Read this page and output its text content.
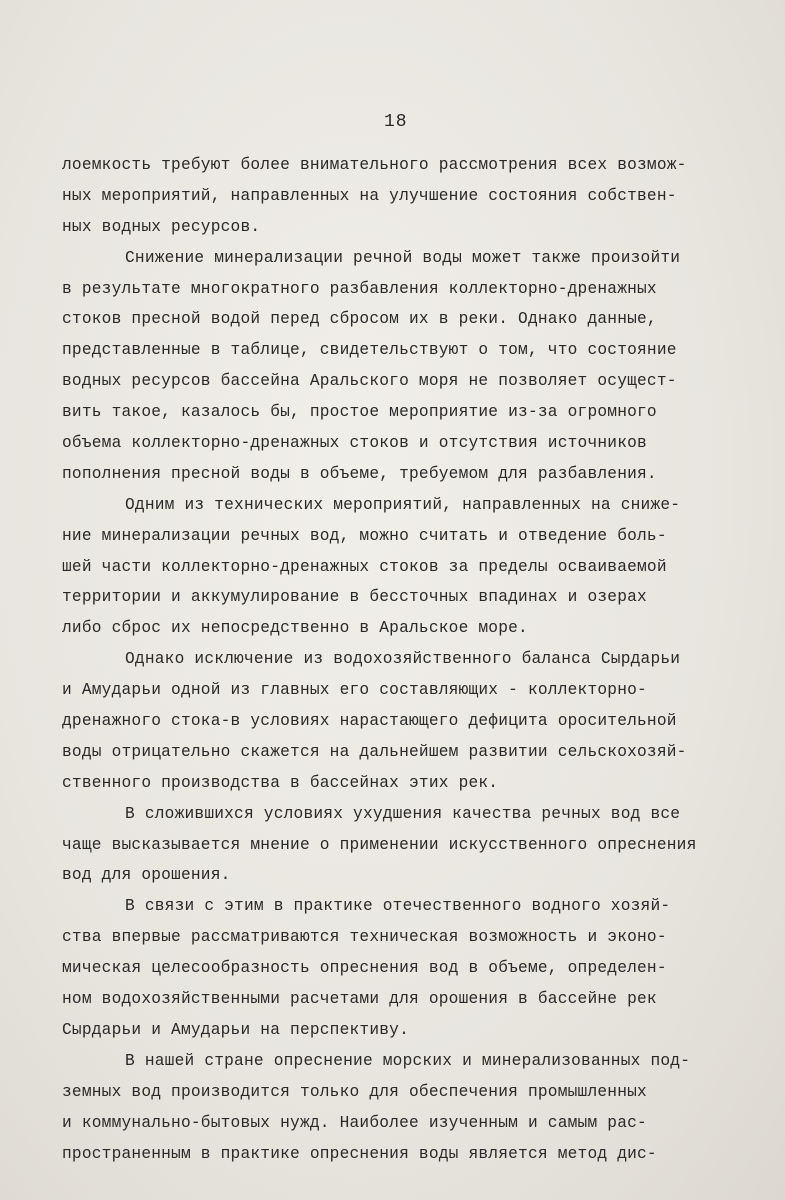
18
лоемкость требуют более внимательного рассмотрения всех возмож-
ных мероприятий, направленных на улучшение состояния собствен-
ных водных ресурсов.
Снижение минерализации речной воды может также произойти
в результате многократного разбавления коллекторно-дренажных
стоков пресной водой перед сбросом их в реки. Однако данные,
представленные в таблице, свидетельствуют о том, что состояние
водных ресурсов бассейна Аральского моря не позволяет осущест-
вить такое, казалось бы, простое мероприятие из-за огромного
объема коллекторно-дренажных стоков и отсутствия источников
пополнения пресной воды в объеме, требуемом для разбавления.
Одним из технических мероприятий, направленных на сниже-
ние минерализации речных вод, можно считать и отведение боль-
шей части коллекторно-дренажных стоков за пределы осваиваемой
территории и аккумулирование в бессточных впадинах и озерах
либо сброс их непосредственно в Аральское море.
Однако исключение из водохозяйственного баланса Сырдарьи
и Амударьи одной из главных его составляющих - коллекторно-
дренажного стока-в условиях нарастающего дефицита оросительной
воды отрицательно скажется на дальнейшем развитии сельскохозяй-
ственного производства в бассейнах этих рек.
В сложившихся условиях ухудшения качества речных вод все
чаще высказывается мнение о применении искусственного опреснения
вод для орошения.
В связи с этим в практике отечественного водного хозяй-
ства впервые рассматриваются техническая возможность и эконо-
мическая целесообразность опреснения вод в объеме, определен-
ном водохозяйственными расчетами для орошения в бассейне рек
Сырдарьи и Амударьи на перспективу.
В нашей стране опреснение морских и минерализованных под-
земных вод производится только для обеспечения промышленных
и коммунально-бытовых нужд. Наиболее изученным и самым рас-
пространенным в практике опреснения воды является метод дис-
